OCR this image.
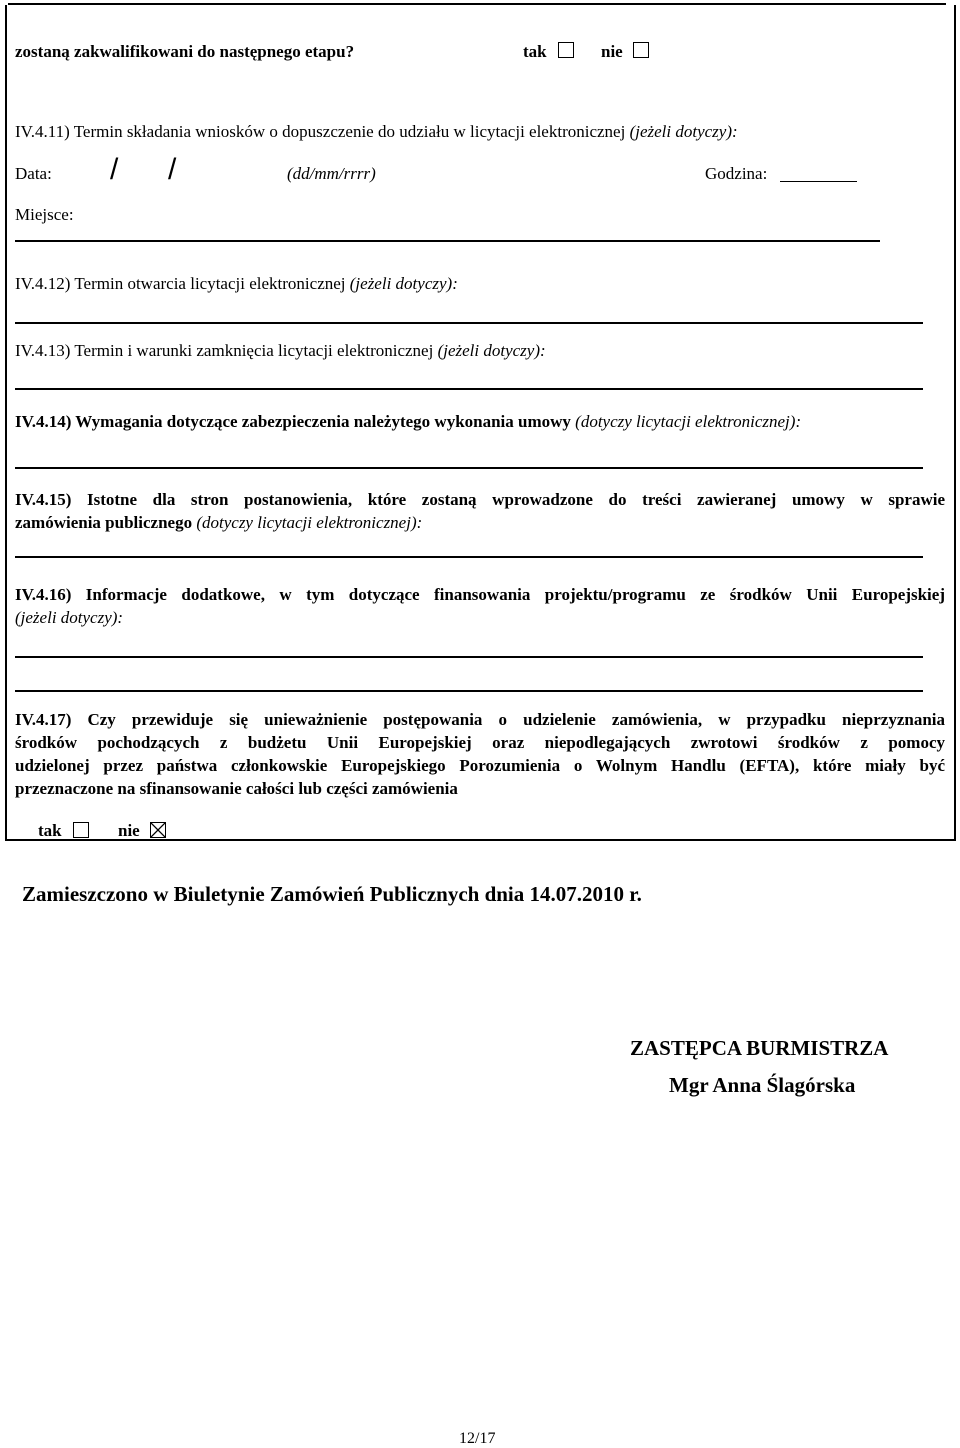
zostaną zakwalifikowani do następnego etapu?	tak	nie
IV.4.11) Termin składania wniosków o dopuszczenie do udziału w licytacji elektronicznej (jeżeli dotyczy):
Data: / /	(dd/mm/rrrr)	Godzina:
Miejsce:
IV.4.12) Termin otwarcia licytacji elektronicznej (jeżeli dotyczy):
IV.4.13) Termin i warunki zamknięcia licytacji elektronicznej (jeżeli dotyczy):
IV.4.14) Wymagania dotyczące zabezpieczenia należytego wykonania umowy (dotyczy licytacji elektronicznej):
IV.4.15) Istotne dla stron postanowienia, które zostaną wprowadzone do treści zawieranej umowy w sprawie
zamówienia publicznego (dotyczy licytacji elektronicznej):
IV.4.16) Informacje dodatkowe, w tym dotyczące finansowania projektu/programu ze środków Unii Europejskiej
(jeżeli dotyczy):
IV.4.17) Czy przewiduje się unieważnienie postępowania o udzielenie zamówienia, w przypadku nieprzyznania
środków pochodzących z budżetu Unii Europejskiej oraz niepodlegających zwrotowi środków z pomocy
udzielonej przez państwa członkowskie Europejskiego Porozumienia o Wolnym Handlu (EFTA), które miały być
przeznaczone na sfinansowanie całości lub części zamówienia
tak	nie
Zamieszczono w Biuletynie Zamówień Publicznych dnia 14.07.2010 r.
ZASTĘPCA BURMISTRZA
Mgr Anna Ślagórska
12/17
